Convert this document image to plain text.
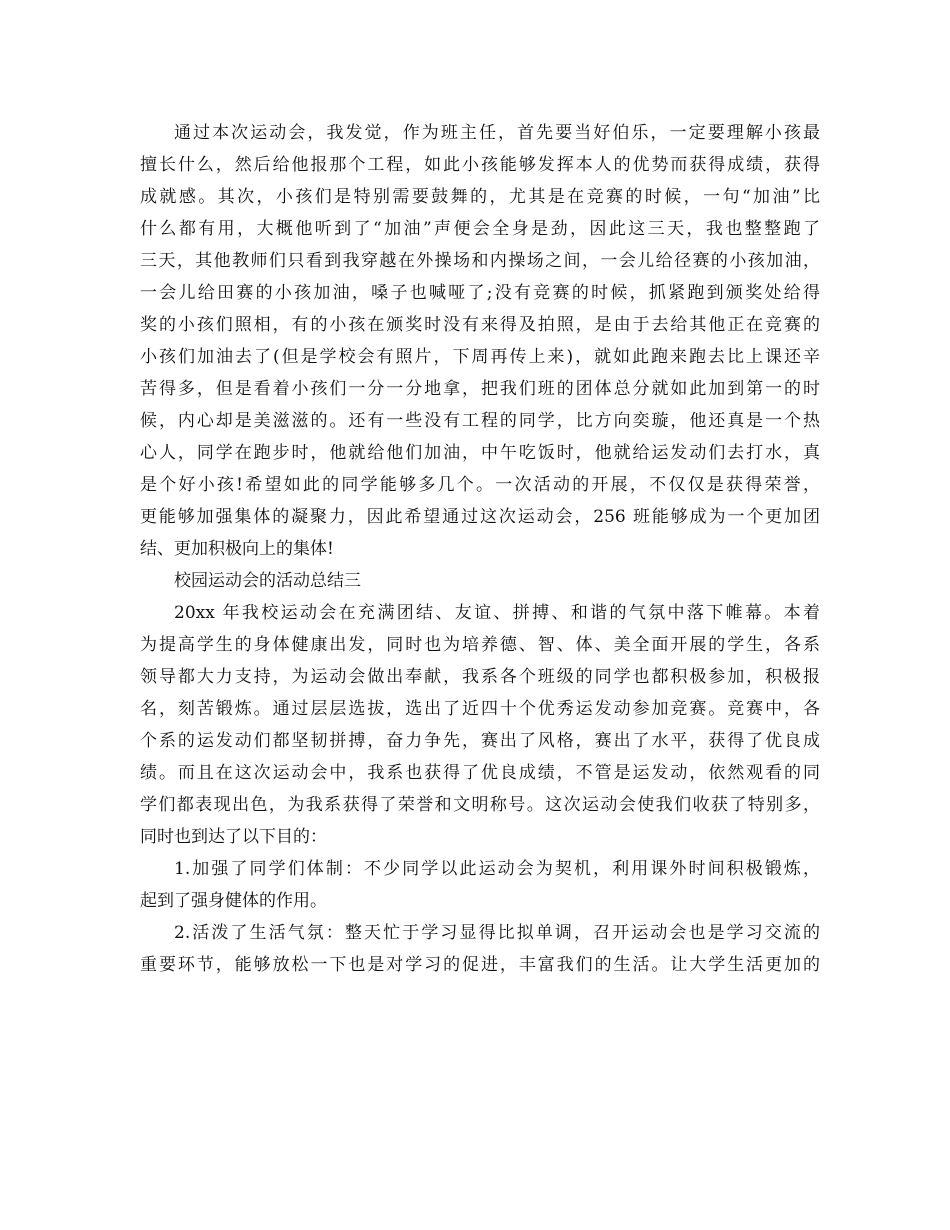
通过本次运动会，我发觉，作为班主任，首先要当好伯乐，一定要理解小孩最
擅长什么，然后给他报那个工程，如此小孩能够发挥本人的优势而获得成绩，获得
成就感。其次，小孩们是特别需要鼓舞的，尤其是在竞赛的时候，一句“加油”比
什么都有用，大概他听到了“加油”声便会全身是劲，因此这三天，我也整整跑了
三天，其他教师们只看到我穿越在外操场和内操场之间，一会儿给径赛的小孩加油，
一会儿给田赛的小孩加油，嗓子也喊哑了;没有竞赛的时候，抓紧跑到颁奖处给得
奖的小孩们照相，有的小孩在颁奖时没有来得及拍照，是由于去给其他正在竞赛的
小孩们加油去了(但是学校会有照片，下周再传上来)，就如此跑来跑去比上课还辛
苦得多，但是看着小孩们一分一分地拿，把我们班的团体总分就如此加到第一的时
候，内心却是美滋滋的。还有一些没有工程的同学，比方向奕璇，他还真是一个热
心人，同学在跑步时，他就给他们加油，中午吃饭时，他就给运发动们去打水，真
是个好小孩!希望如此的同学能够多几个。一次活动的开展，不仅仅是获得荣誉，
更能够加强集体的凝聚力，因此希望通过这次运动会，256 班能够成为一个更加团
结、更加积极向上的集体!
校园运动会的活动总结三
20xx 年我校运动会在充满团结、友谊、拼搏、和谐的气氛中落下帷幕。本着
为提高学生的身体健康出发，同时也为培养德、智、体、美全面开展的学生，各系
领导都大力支持，为运动会做出奉献，我系各个班级的同学也都积极参加，积极报
名，刻苦锻炼。通过层层选拔，选出了近四十个优秀运发动参加竞赛。竞赛中，各
个系的运发动们都坚韧拼搏，奋力争先，赛出了风格，赛出了水平，获得了优良成
绩。而且在这次运动会中，我系也获得了优良成绩，不管是运发动，依然观看的同
学们都表现出色，为我系获得了荣誉和文明称号。这次运动会使我们收获了特别多，
同时也到达了以下目的：
1.加强了同学们体制：不少同学以此运动会为契机，利用课外时间积极锻炼，
起到了强身健体的作用。
2.活泼了生活气氛：整天忙于学习显得比拟单调，召开运动会也是学习交流的
重要环节，能够放松一下也是对学习的促进，丰富我们的生活。让大学生活更加的
